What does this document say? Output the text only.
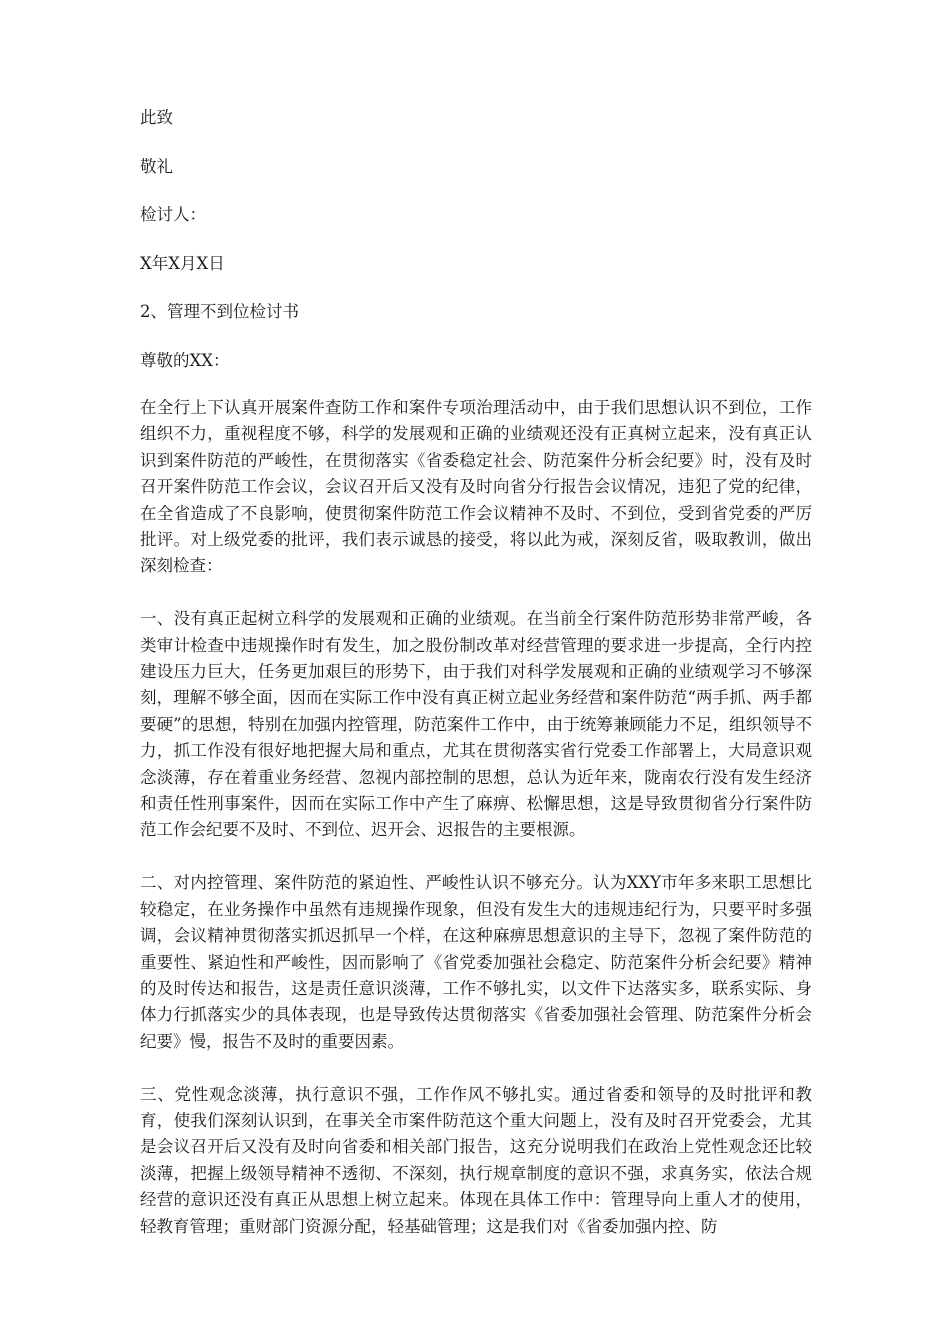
此致
敬礼
检讨人：
X年X月X日
2、管理不到位检讨书
尊敬的XX：

在全行上下认真开展案件查防工作和案件专项治理活动中，由于我们思想认识不到位，工作组织不力，重视程度不够，科学的发展观和正确的业绩观还没有正真树立起来，没有真正认识到案件防范的严峻性，在贯彻落实《省委稳定社会、防范案件分析会纪要》时，没有及时召开案件防范工作会议，会议召开后又没有及时向省分行报告会议情况，违犯了党的纪律，在全省造成了不良影响，使贯彻案件防范工作会议精神不及时、不到位，受到省党委的严厉批评。对上级党委的批评，我们表示诚恳的接受，将以此为戒，深刻反省，吸取教训，做出深刻检查：

一、没有真正起树立科学的发展观和正确的业绩观。在当前全行案件防范形势非常严峻，各类审计检查中违规操作时有发生，加之股份制改革对经营管理的要求进一步提高，全行内控建设压力巨大，任务更加艰巨的形势下，由于我们对科学发展观和正确的业绩观学习不够深刻，理解不够全面，因而在实际工作中没有真正树立起业务经营和案件防范“两手抓、两手都要硬”的思想，特别在加强内控管理，防范案件工作中，由于统筹兼顾能力不足，组织领导不力，抓工作没有很好地把握大局和重点，尤其在贯彻落实省行党委工作部署上，大局意识观念淡薄，存在着重业务经营、忽视内部控制的思想，总认为近年来，陇南农行没有发生经济和责任性刑事案件，因而在实际工作中产生了麻痹、松懈思想，这是导致贯彻省分行案件防范工作会纪要不及时、不到位、迟开会、迟报告的主要根源。

二、对内控管理、案件防范的紧迫性、严峻性认识不够充分。认为XXY市年多来职工思想比较稳定，在业务操作中虽然有违规操作现象，但没有发生大的违规违纪行为，只要平时多强调，会议精神贯彻落实抓迟抓早一个样，在这种麻痹思想意识的主导下，忽视了案件防范的重要性、紧迫性和严峻性，因而影响了《省党委加强社会稳定、防范案件分析会纪要》精神的及时传达和报告，这是责任意识淡薄，工作不够扎实，以文件下达落实多，联系实际、身体力行抓落实少的具体表现，也是导致传达贯彻落实《省委加强社会管理、防范案件分析会纪要》慢，报告不及时的重要因素。

三、党性观念淡薄，执行意识不强，工作作风不够扎实。通过省委和领导的及时批评和教育，使我们深刻认识到，在事关全市案件防范这个重大问题上，没有及时召开党委会，尤其是会议召开后又没有及时向省委和相关部门报告，这充分说明我们在政治上党性观念还比较淡薄，把握上级领导精神不透彻、不深刻，执行规章制度的意识不强，求真务实，依法合规经营的意识还没有真正从思想上树立起来。体现在具体工作中：管理导向上重人才的使用，轻教育管理；重财部门资源分配，轻基础管理；这是我们对《省委加强内控、防
